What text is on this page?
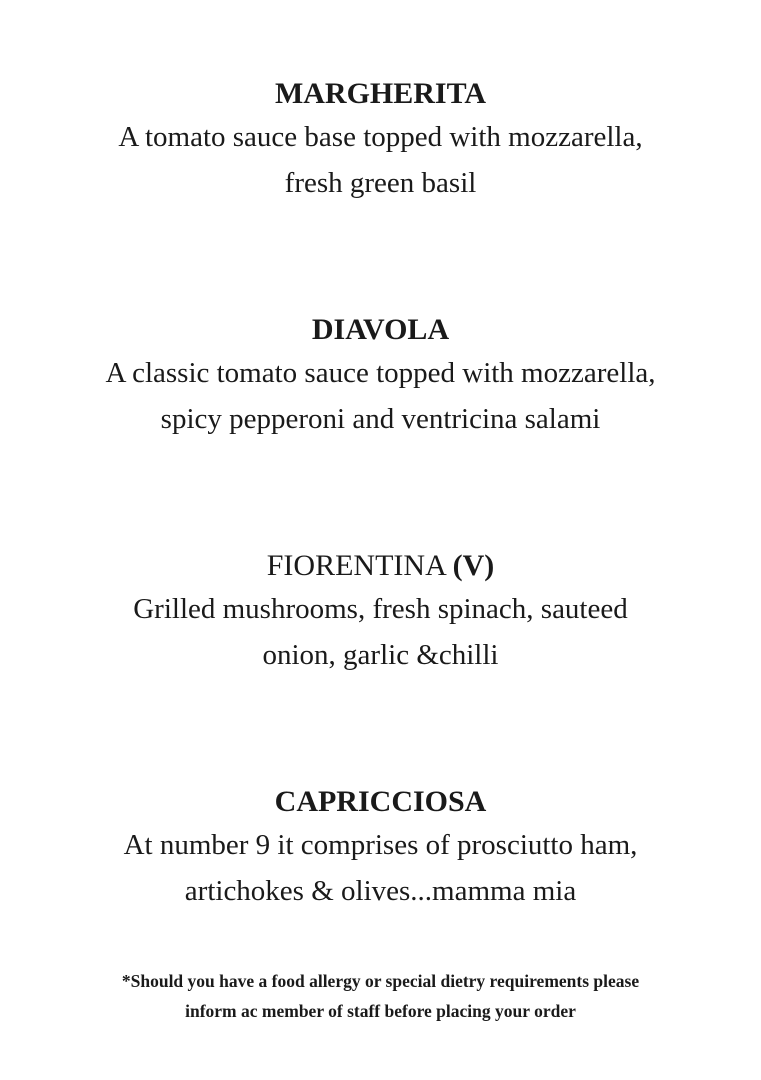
MARGHERITA

A tomato sauce base topped with mozzarella,
fresh green basil

DIAVOLA

A classic tomato sauce topped with mozzarella,
spicy pepperoni and ventricina salami

FIORENTINA (V)

Grilled mushrooms, fresh spinach, sauteed
onion, garlic &chilli

CAPRICCIOSA

At number 9 it comprises of prosciutto ham,
artichokes & olives...mamma mia

*Should you have a food allergy or special dietry requirements please
inform ac member of staff before placing your order
